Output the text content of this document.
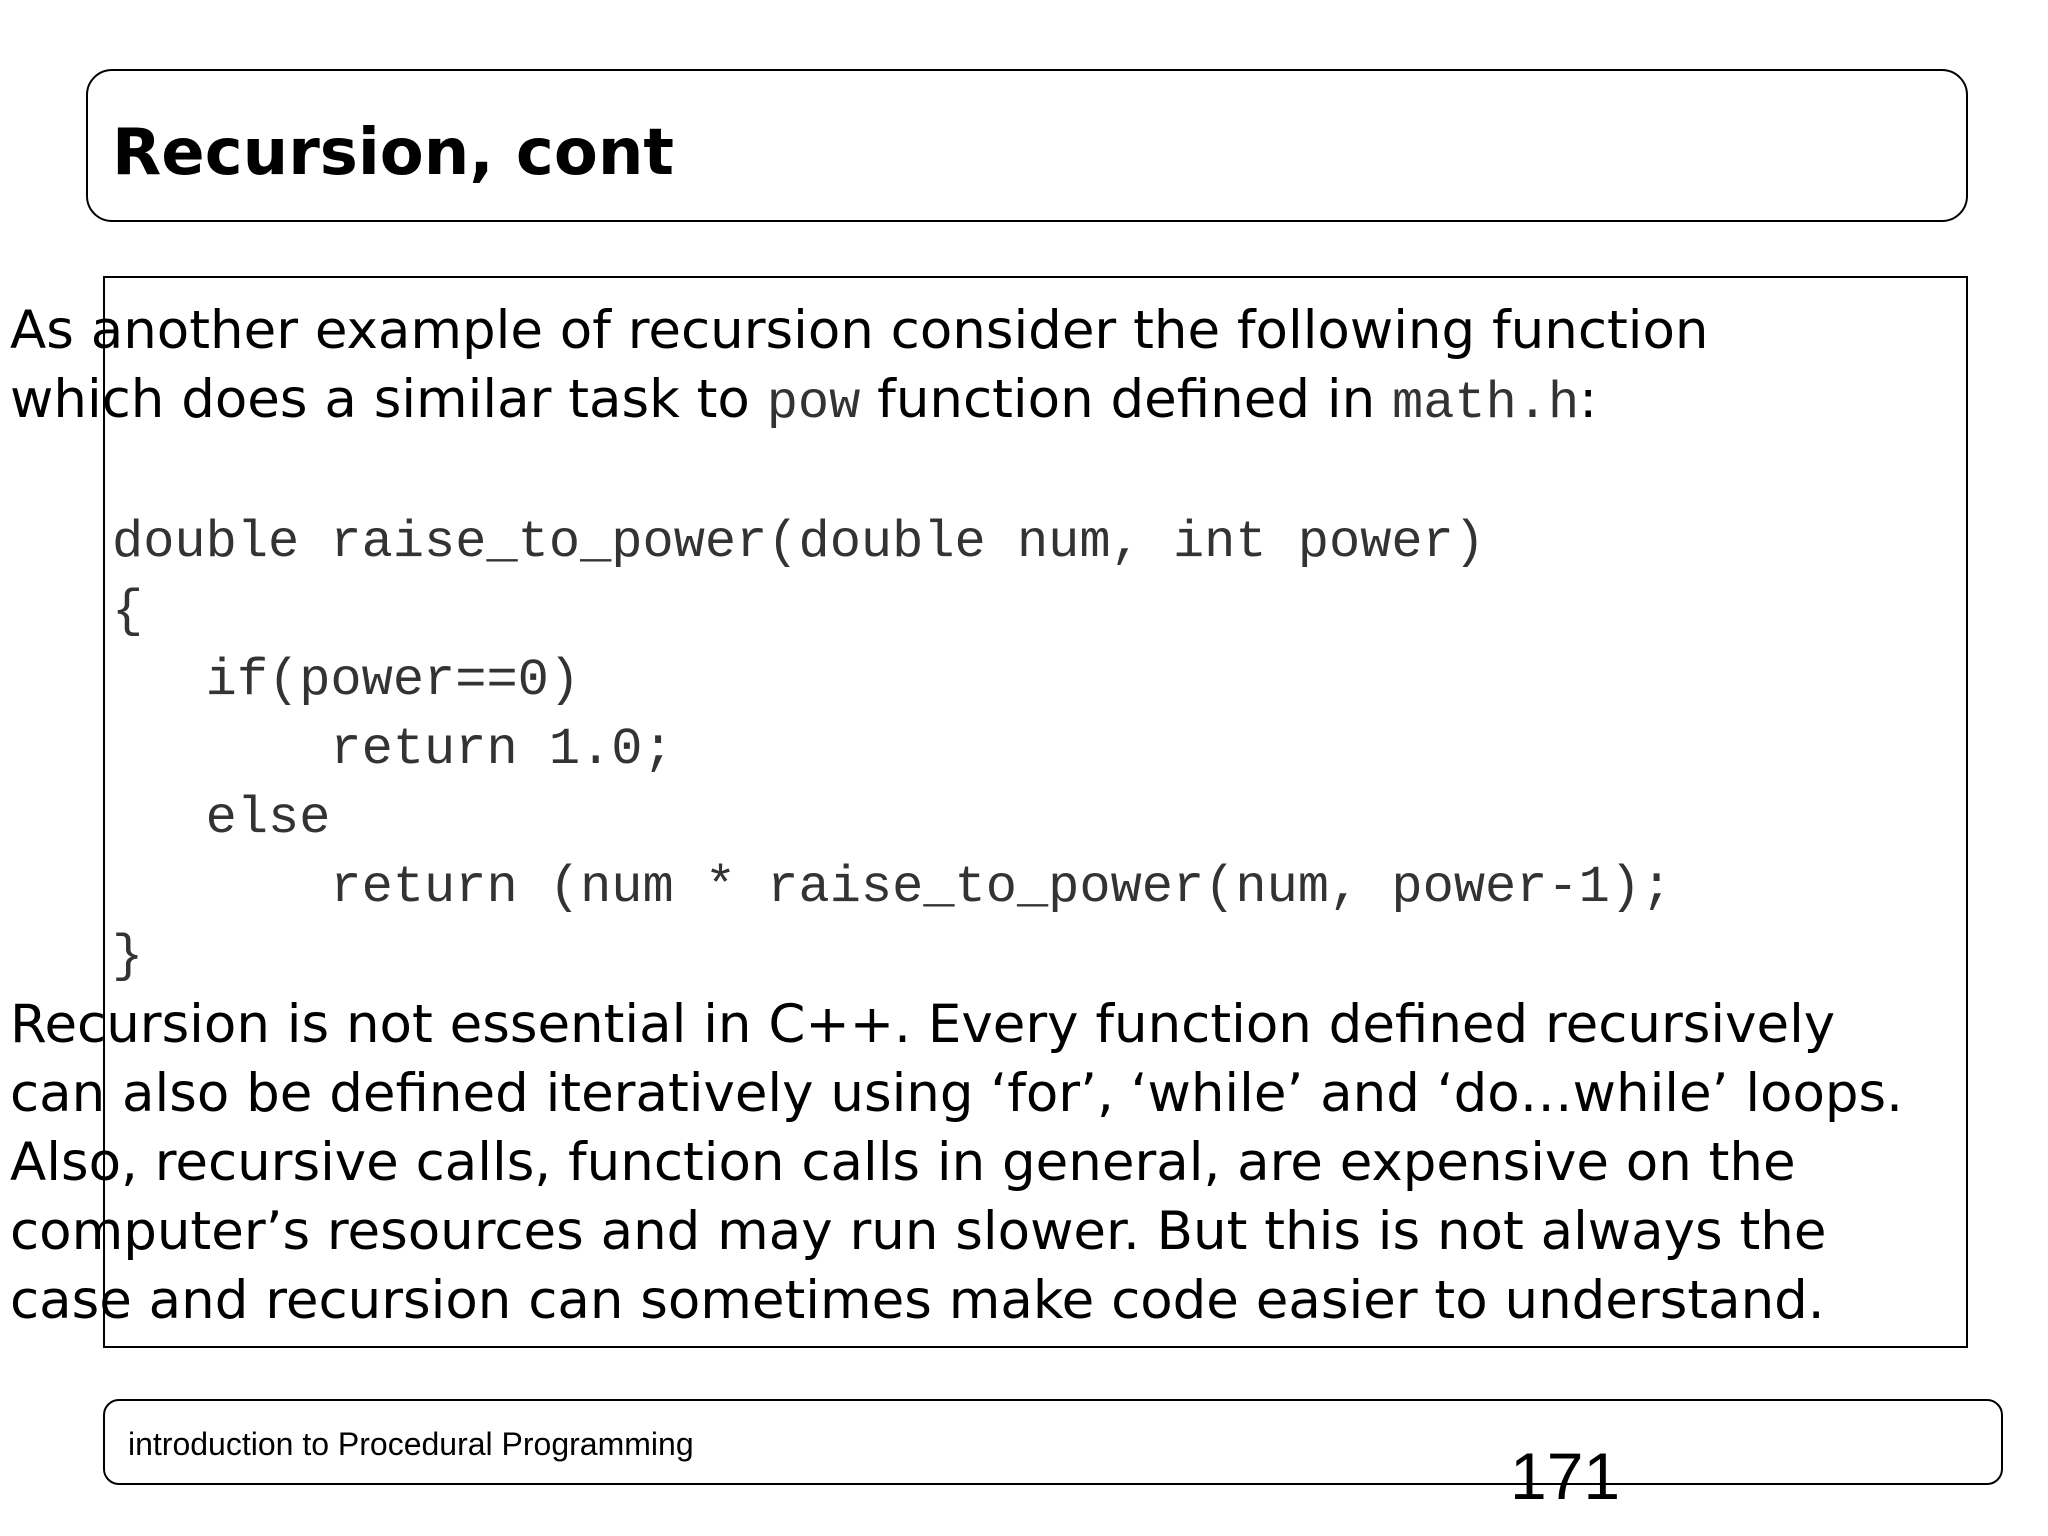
Recursion, cont

As another example of recursion consider the following function
which does a similar task to pow function defined in math.h:

double raise_to_power(double num, int power)
{
if(power==0)
return 1.0;
else
return (num * raise_to_power(num, power-1);
}

Recursion is not essential in C++. Every function defined recursively
can also be defined iteratively using ‘for’, ‘while’ and ‘do…while’ loops.
Also, recursive calls, function calls in general, are expensive on the
computer’s resources and may run slower. But this is not always the
case and recursion can sometimes make code easier to understand.

introduction to Procedural Programming	171
